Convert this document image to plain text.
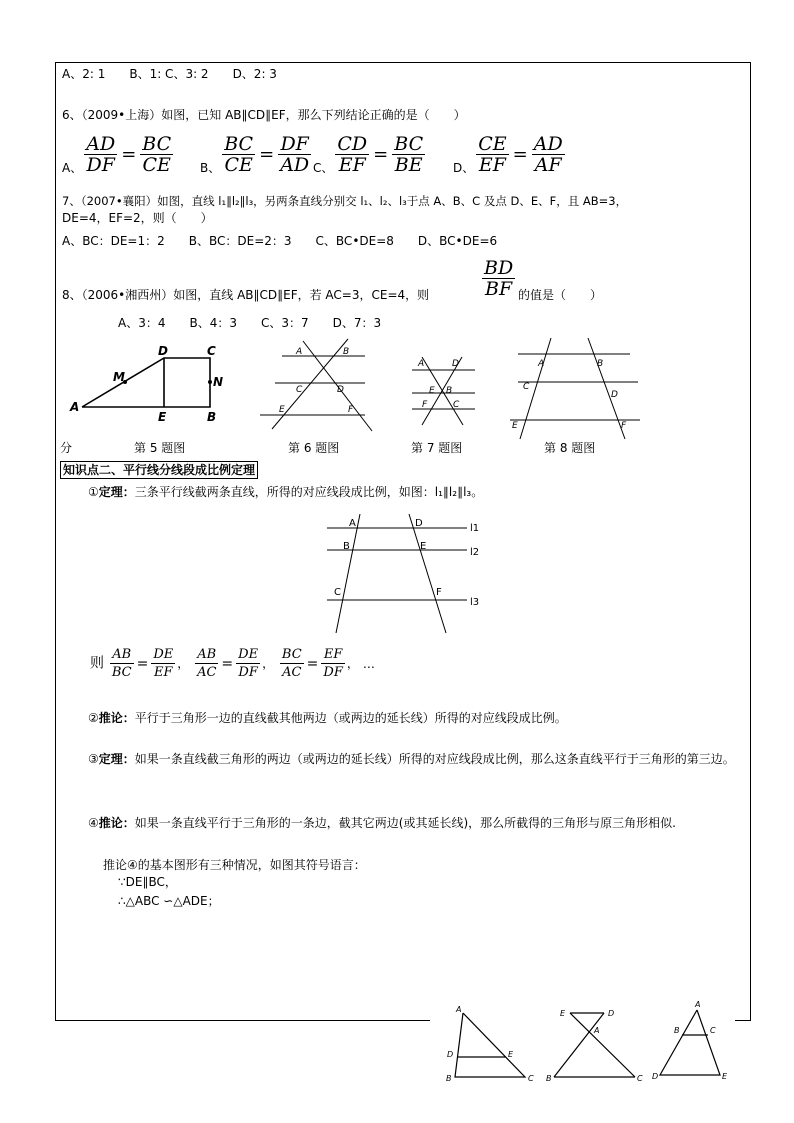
A、2: 1　　B、1: C、3: 2　　D、2: 3
6、（2009•上海）如图，已知 AB∥CD∥EF，那么下列结论正确的是（　　）
A、 $\frac{AD}{DF} = \frac{BC}{CE}$ B、 $\frac{BC}{CE} = \frac{DF}{AD}$ C、 $\frac{CD}{EF} = \frac{BC}{BE}$ D、 $\frac{CE}{EF} = \frac{AD}{AF}$
7、（2007•襄阳）如图，直线 l₁∥l₂∥l₃，另两条直线分别交 l₁、l₂、l₃于点 A、B、C 及点 D、E、F，且 AB=3，
DE=4，EF=2，则（　　）
A、BC：DE=1：2　　B、BC：DE=2：3　　C、BC•DE=8　　D、BC•DE=6
8、（2006•湘西州）如图，直线 AB∥CD∥EF，若 AC=3，CE=4，则	$\frac{BD}{BF}$ 的值是（　　）
A、3：4　　B、4：3　　C、3：7　　D、7：3
D	C
M	N
A
E	B
A	B
C	D
E	F
A	D
E B
F	C
A	B
C
D
E	F
分	第 5 题图	第 6 题图	第 7 题图	第 8 题图
知识点二、平行线分线段成比例定理
①定理：三条平行线截两条直线，所得的对应线段成比例，如图：l₁∥l₂∥l₃。
A	D	l1
B	E
l2
C	F
l3
则 $\frac{AB}{BC} = \frac{DE}{EF}$ ， $\frac{AB}{AC} = \frac{DE}{DF}$ ， $\frac{BC}{AC} = \frac{EF}{DF}$ ， …
②推论：平行于三角形一边的直线截其他两边（或两边的延长线）所得的对应线段成比例。
③定理：如果一条直线截三角形的两边（或两边的延长线）所得的对应线段成比例，那么这条直线平行于三角形的第三边。
④推论：如果一条直线平行于三角形的一条边，截其它两边(或其延长线)，那么所截得的三角形与原三角形相似.
推论④的基本图形有三种情况，如图其符号语言：
∵DE∥BC，
∴△ABC ∽△ADE；
A
D	E
B	C
E	D
A
B	C
A
B	C
D	E
